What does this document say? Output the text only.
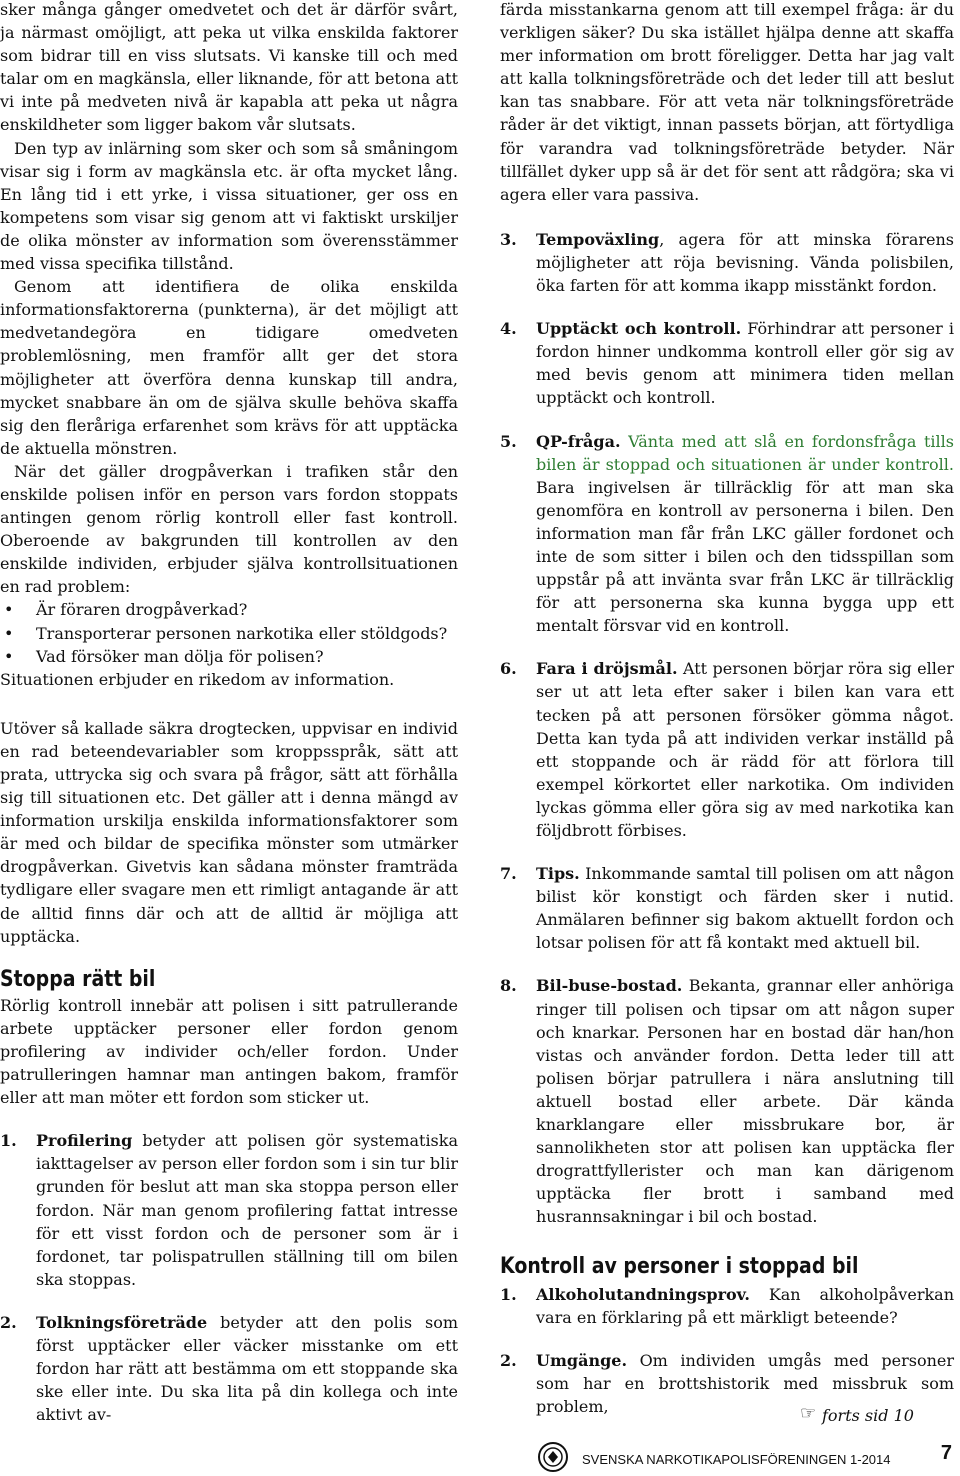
sker många gånger omedvetet och det är därför svårt, ja närmast omöjligt, att peka ut vilka enskilda faktorer som bidrar till en viss slutsats. Vi kanske till och med talar om en magkänsla, eller liknande, för att betona att vi inte på medveten nivå är kapabla att peka ut några enskildheter som ligger bakom vår slutsats.

Den typ av inlärning som sker och som så småningom visar sig i form av magkänsla etc. är ofta mycket lång. En lång tid i ett yrke, i vissa situationer, ger oss en kompetens som visar sig genom att vi faktiskt urskiljer de olika mönster av information som överensstämmer med vissa specifika tillstånd.

Genom att identifiera de olika enskilda informationsfaktorerna (punkterna), är det möjligt att medvetandegöra en tidigare omedveten problemlösning, men framför allt ger det stora möjligheter att överföra denna kunskap till andra, mycket snabbare än om de själva skulle behöva skaffa sig den fleråriga erfarenhet som krävs för att upptäcka de aktuella mönstren.

När det gäller drogpåverkan i trafiken står den enskilde polisen inför en person vars fordon stoppats antingen genom rörlig kontroll eller fast kontroll. Oberoende av bakgrunden till kontrollen av den enskilde individen, erbjuder själva kontrollsituationen en rad problem:

• Är föraren drogpåverkad?
• Transporterar personen narkotika eller stöldgods?
• Vad försöker man dölja för polisen?

Situationen erbjuder en rikedom av information.

Utöver så kallade säkra drogtecken, uppvisar en individ en rad beteendevariabler som kroppsspråk, sätt att prata, uttrycka sig och svara på frågor, sätt att förhålla sig till situationen etc. Det gäller att i denna mängd av information urskilja enskilda informationsfaktorer som är med och bildar de specifika mönster som utmärker drogpåverkan. Givetvis kan sådana mönster framträda tydligare eller svagare men ett rimligt antagande är att de alltid finns där och att de alltid är möjliga att upptäcka.

Stoppa rätt bil

Rörlig kontroll innebär att polisen i sitt patrullerande arbete upptäcker personer eller fordon genom profilering av individer och/eller fordon. Under patrulleringen hamnar man antingen bakom, framför eller att man möter ett fordon som sticker ut.

1. Profilering betyder att polisen gör systematiska iakttagelser av person eller fordon som i sin tur blir grunden för beslut att man ska stoppa person eller fordon. När man genom profilering fattat intresse för ett visst fordon och de personer som är i fordonet, tar polispatrullen ställning till om bilen ska stoppas.
2. Tolkningsföreträde betyder att den polis som först upptäcker eller väcker misstanke om ett fordon har rätt att bestämma om ett stoppande ska ske eller inte. Du ska lita på din kollega och inte aktivt av-

färda misstankarna genom att till exempel fråga: är du verkligen säker? Du ska istället hjälpa denne att skaffa mer information om brott föreligger. Detta har jag valt att kalla tolkningsföreträde och det leder till att beslut kan tas snabbare. För att veta när tolkningsföreträde råder är det viktigt, innan passets början, att förtydliga för varandra vad tolkningsföreträde betyder. När tillfället dyker upp så är det för sent att rådgöra; ska vi agera eller vara passiva.

3. Tempoväxling, agera för att minska förarens möjligheter att röja bevisning. Vända polisbilen, öka farten för att komma ikapp misstänkt fordon.
4. Upptäckt och kontroll. Förhindrar att personer i fordon hinner undkomma kontroll eller gör sig av med bevis genom att minimera tiden mellan upptäckt och kontroll.
5. QP-fråga. Vänta med att slå en fordonsfråga tills bilen är stoppad och situationen är under kontroll. Bara ingivelsen är tillräcklig för att man ska genomföra en kontroll av personerna i bilen. Den information man får från LKC gäller fordonet och inte de som sitter i bilen och den tidsspillan som uppstår på att invänta svar från LKC är tillräcklig för att personerna ska kunna bygga upp ett mentalt försvar vid en kontroll.
6. Fara i dröjsmål. Att personen börjar röra sig eller ser ut att leta efter saker i bilen kan vara ett tecken på att personen försöker gömma något. Detta kan tyda på att individen verkar inställd på ett stoppande och är rädd för att förlora till exempel körkortet eller narkotika. Om individen lyckas gömma eller göra sig av med narkotika kan följdbrott förbises.
7. Tips. Inkommande samtal till polisen om att någon bilist kör konstigt och färden sker i nutid. Anmälaren befinner sig bakom aktuellt fordon och lotsar polisen för att få kontakt med aktuell bil.
8. Bil-buse-bostad. Bekanta, grannar eller anhöriga ringer till polisen och tipsar om att någon super och knarkar. Personen har en bostad där han/hon vistas och använder fordon. Detta leder till att polisen börjar patrullera i nära anslutning till aktuell bostad eller arbete. Där kända knarklangare eller missbrukare bor, är sannolikheten stor att polisen kan upptäcka fler drograttfyllerister och man kan därigenom upptäcka fler brott i samband med husrannsakningar i bil och bostad.
Kontroll av personer i stoppad bil
1. Alkoholutandningsprov. Kan alkoholpåverkan vara en förklaring på ett märkligt beteende?
2. Umgänge. Om individen umgås med personer som har en brottshistorik med missbruk som problem,	☞ forts sid 10
SVENSKA NARKOTIKAPOLISFÖRENINGEN 1-2014	7
